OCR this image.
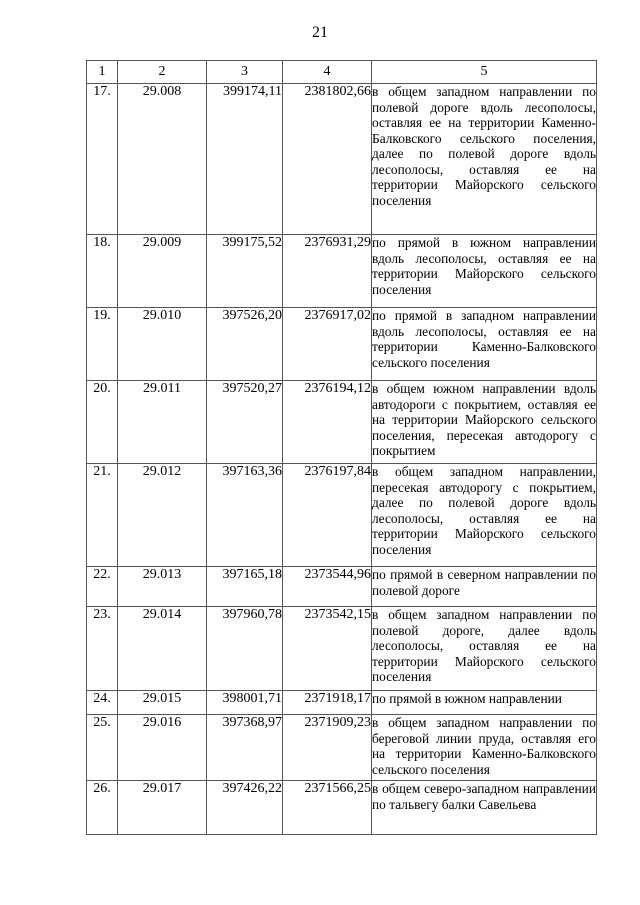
21
1	2	3	4	5
17.	29.008	399174,11	2381802,66	в общем западном направлении по полевой дороге вдоль лесополосы, оставляя ее на территории Каменно-Балковского сельского поселения, далее по полевой дороге вдоль лесополосы, оставляя ее на территории Майорского сельского поселения
18.	29.009	399175,52	2376931,29	по прямой в южном направлении вдоль лесополосы, оставляя ее на территории Майорского сельского поселения
19.	29.010	397526,20	2376917,02	по прямой в западном направлении вдоль лесополосы, оставляя ее на территории Каменно-Балковского сельского поселения
20.	29.011	397520,27	2376194,12	в общем южном направлении вдоль автодороги с покрытием, оставляя ее на территории Майорского сельского поселения, пересекая автодорогу с покрытием
21.	29.012	397163,36	2376197,84	в общем западном направлении, пересекая автодорогу с покрытием, далее по полевой дороге вдоль лесополосы, оставляя ее на территории Майорского сельского поселения
22.	29.013	397165,18	2373544,96	по прямой в северном направлении по полевой дороге
23.	29.014	397960,78	2373542,15	в общем западном направлении по полевой дороге, далее вдоль лесополосы, оставляя ее на территории Майорского сельского поселения
24.	29.015	398001,71	2371918,17	по прямой в южном направлении
25.	29.016	397368,97	2371909,23	в общем западном направлении по береговой линии пруда, оставляя его на территории Каменно-Балковского сельского поселения
26.	29.017	397426,22	2371566,25	в общем северо-западном направлении по тальвегу балки Савельева
